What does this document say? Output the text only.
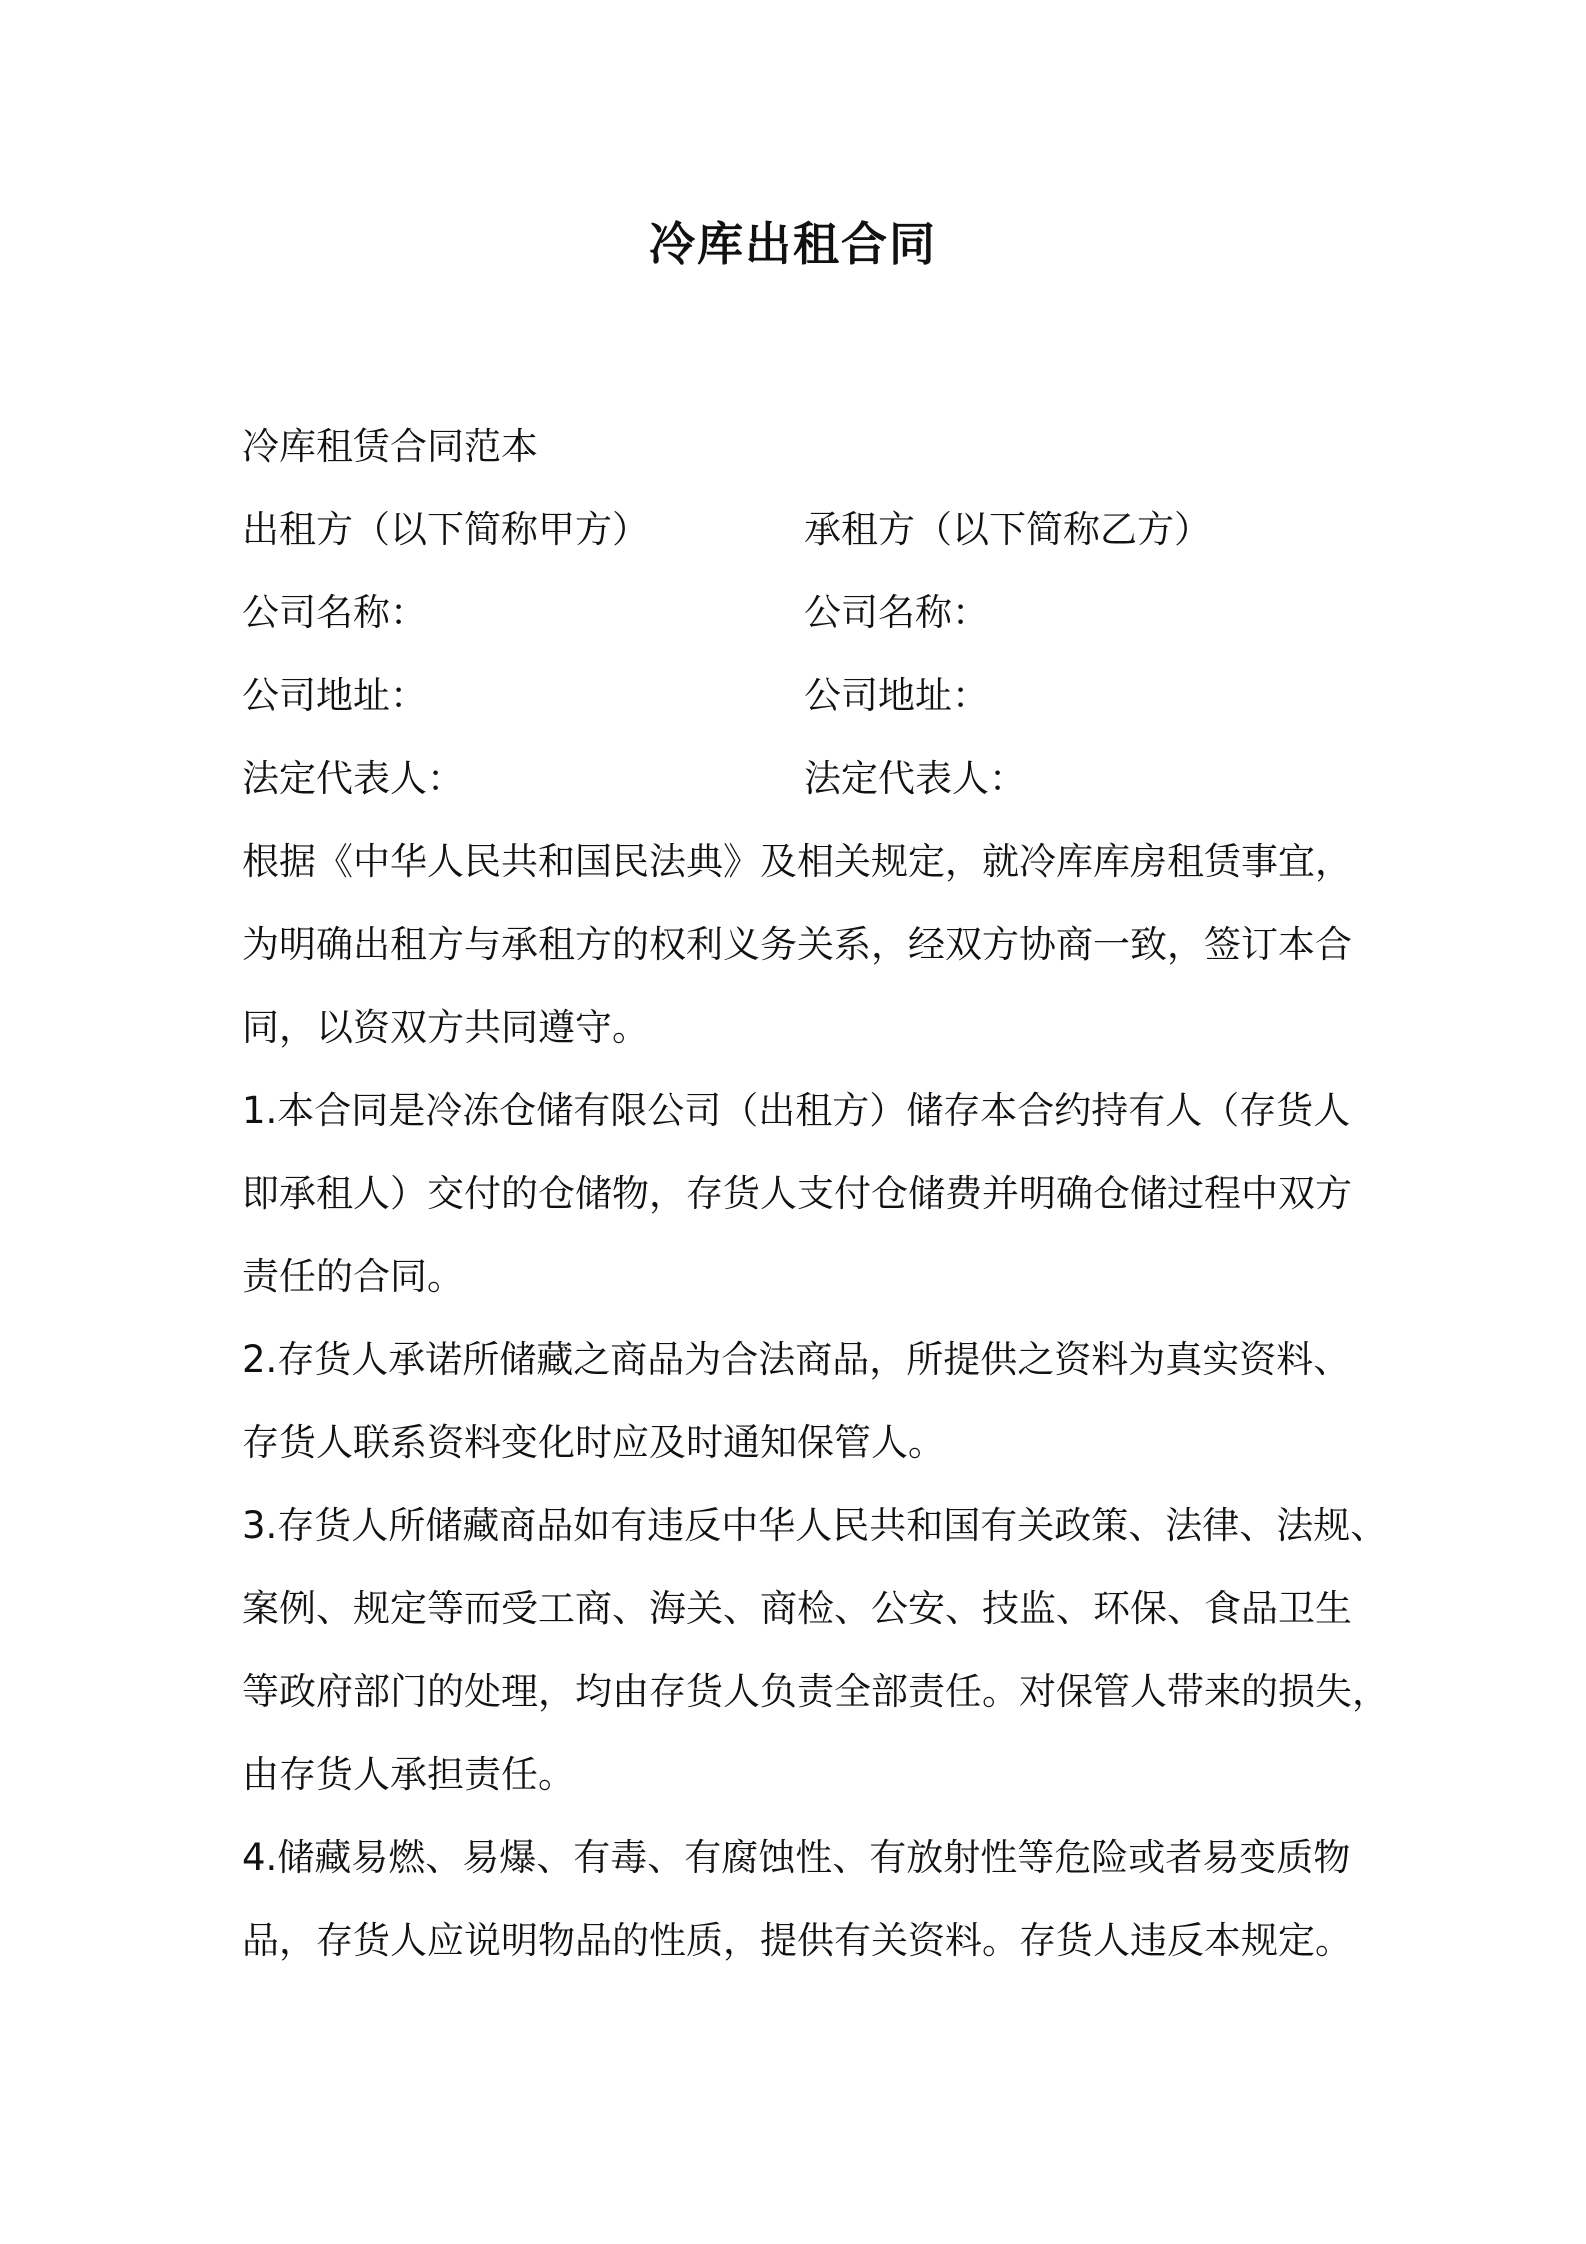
冷库出租合同
冷库租赁合同范本
出租方（以下简称甲方）	承租方（以下简称乙方）
公司名称：	公司名称：
公司地址：	公司地址：
法定代表人：	法定代表人：
根据《中华人民共和国民法典》及相关规定，就冷库库房租赁事宜，
为明确出租方与承租方的权利义务关系，经双方协商一致，签订本合
同，以资双方共同遵守。
1.本合同是冷冻仓储有限公司（出租方）储存本合约持有人（存货人
即承租人）交付的仓储物，存货人支付仓储费并明确仓储过程中双方
责任的合同。
2.存货人承诺所储藏之商品为合法商品，所提供之资料为真实资料、
存货人联系资料变化时应及时通知保管人。
3.存货人所储藏商品如有违反中华人民共和国有关政策、法律、法规、
案例、规定等而受工商、海关、商检、公安、技监、环保、食品卫生
等政府部门的处理，均由存货人负责全部责任。对保管人带来的损失，
由存货人承担责任。
4.储藏易燃、易爆、有毒、有腐蚀性、有放射性等危险或者易变质物
品，存货人应说明物品的性质，提供有关资料。存货人违反本规定。
